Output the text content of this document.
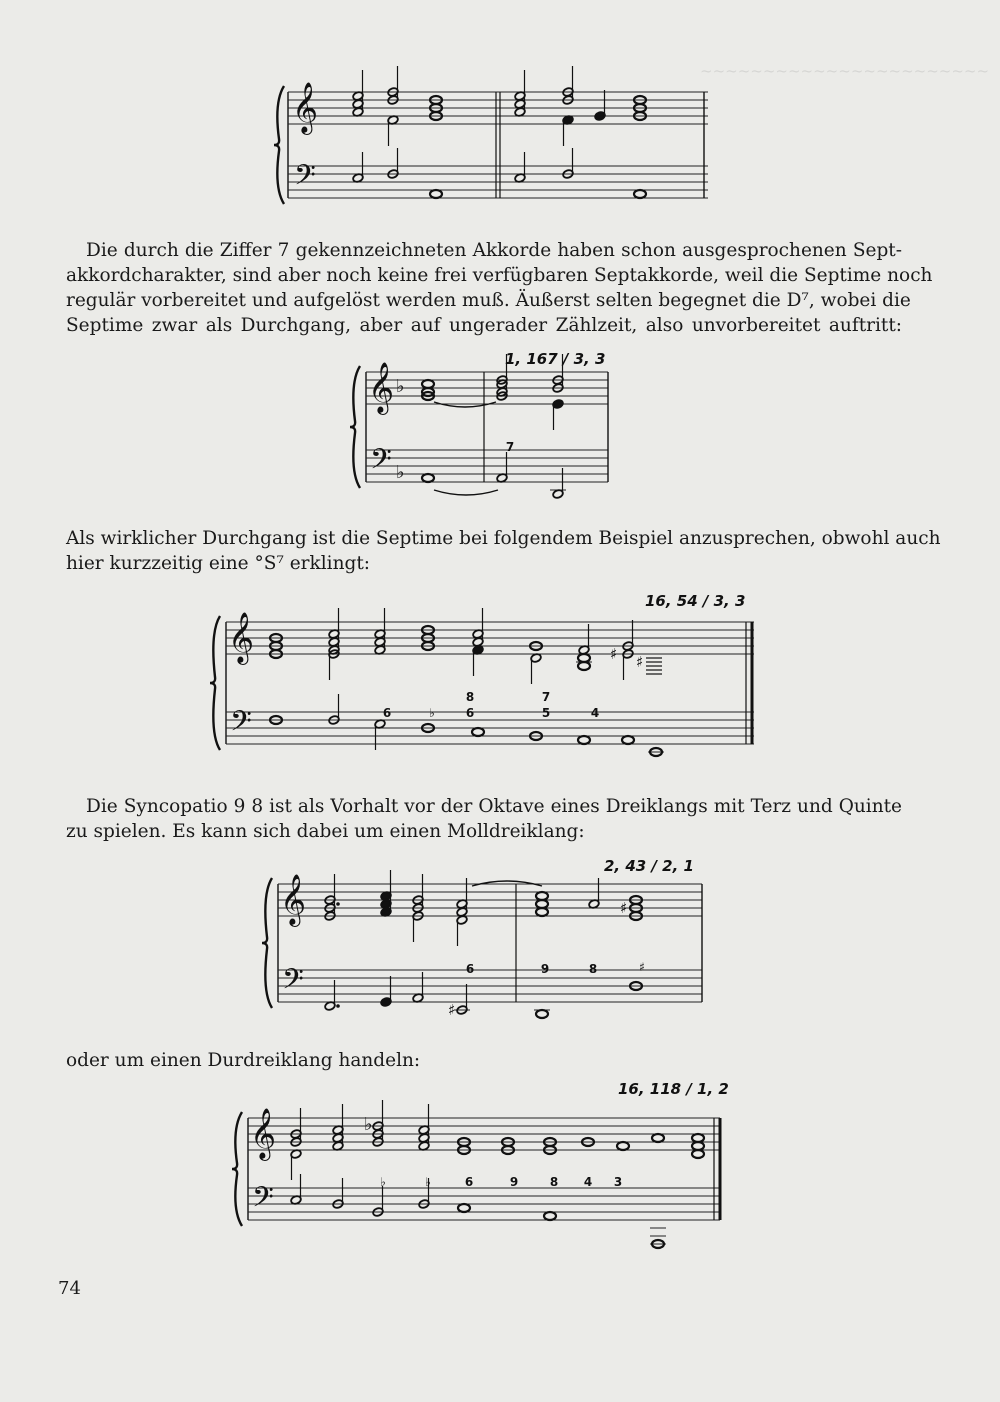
~~~~~~~~~~~~~~~~~~~~~~~
𝄞
𝄢
Die durch die Ziffer 7 gekennzeichneten Akkorde haben schon ausgesprochenen Sept-
akkordcharakter, sind aber noch keine frei verfügbaren Septakkorde, weil die Septime noch
regulär vorbereitet und aufgelöst werden muß. Äußerst selten begegnet die D⁷, wobei die
Septime zwar als Durchgang, aber auf ungerader Zählzeit, also unvorbereitet auftritt:
1, 167 / 3, 3
𝄞
𝄢
♭
♭
7
Als wirklicher Durchgang ist die Septime bei folgendem Beispiel anzusprechen, obwohl auch
hier kurzzeitig eine °S⁷ erklingt:
16, 54 / 3, 3
𝄞
𝄢
♯ ♯
6	♭
8
6
7
5	4
Die Syncopatio 9 8 ist als Vorhalt vor der Oktave eines Dreiklangs mit Terz und Quinte
zu spielen. Es kann sich dabei um einen Molldreiklang:
2, 43 / 2, 1
𝄞
𝄢
♯
♯
6	9	8	♯
oder um einen Durdreiklang handeln:
16, 118 / 1, 2
𝄞
𝄢
♭
♭	♭	6	9	8	4	3
74
